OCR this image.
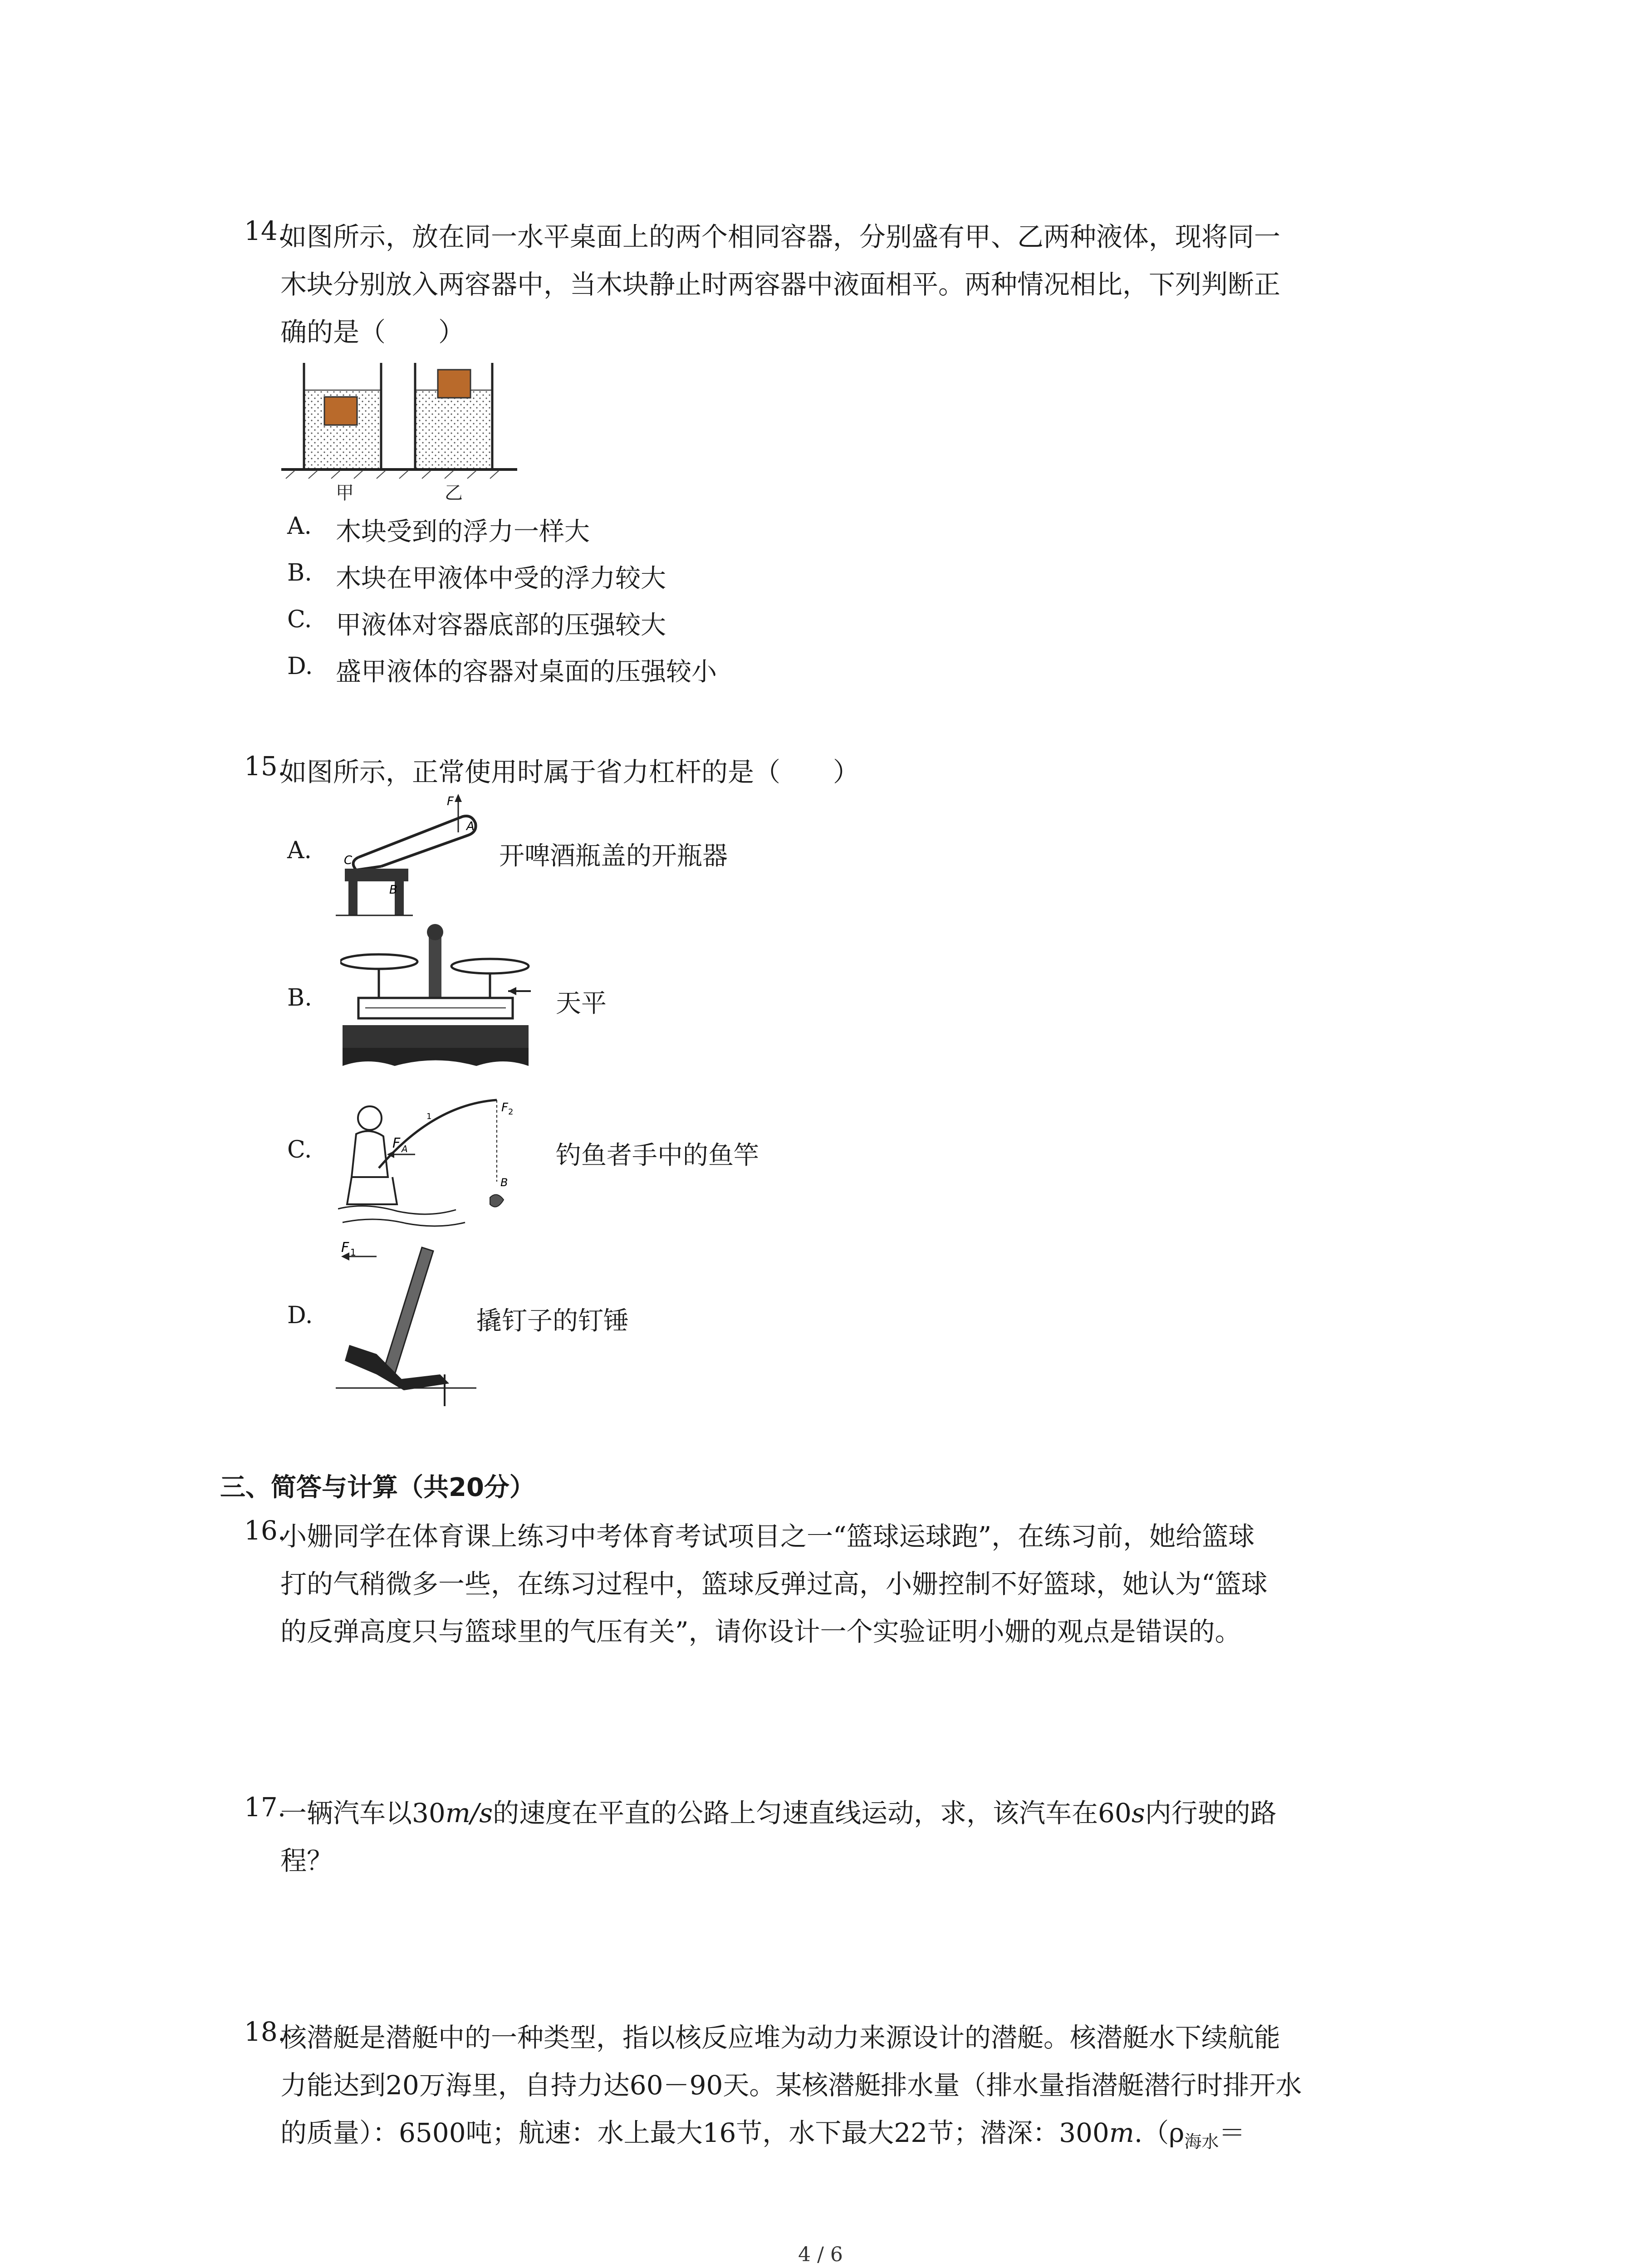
14.
如图所示，放在同一水平桌面上的两个相同容器，分别盛有甲、乙两种液体，现将同一
木块分别放入两容器中，当木块静止时两容器中液面相平。两种情况相比，下列判断正
确的是（　　）
甲	乙
A. 木块受到的浮力一样大
B. 木块在甲液体中受的浮力较大
C. 甲液体对容器底部的压强较大
D. 盛甲液体的容器对桌面的压强较小
15.
如图所示，正常使用时属于省力杠杆的是（　　）
A.
F
A
C
B
开啤酒瓶盖的开瓶器
B.	天平
C.	F A
F 2
B
1
钓鱼者手中的鱼竿
D.
F 1
撬钉子的钉锤
三、简答与计算（共20分）
16.
小姗同学在体育课上练习中考体育考试项目之一“篮球运球跑”，在练习前，她给篮球
打的气稍微多一些，在练习过程中，篮球反弹过高，小姗控制不好篮球，她认为“篮球
的反弹高度只与篮球里的气压有关”，请你设计一个实验证明小姗的观点是错误的。
17.
一辆汽车以30m/s的速度在平直的公路上匀速直线运动，求，该汽车在60s内行驶的路
程？
18.
核潜艇是潜艇中的一种类型，指以核反应堆为动力来源设计的潜艇。核潜艇水下续航能
力能达到20万海里，自持力达60－90天。某核潜艇排水量（排水量指潜艇潜行时排开水
的质量）：6500吨；航速：水上最大16节，水下最大22节；潜深：$300m.(\rho_{海水}=$
4 / 6
